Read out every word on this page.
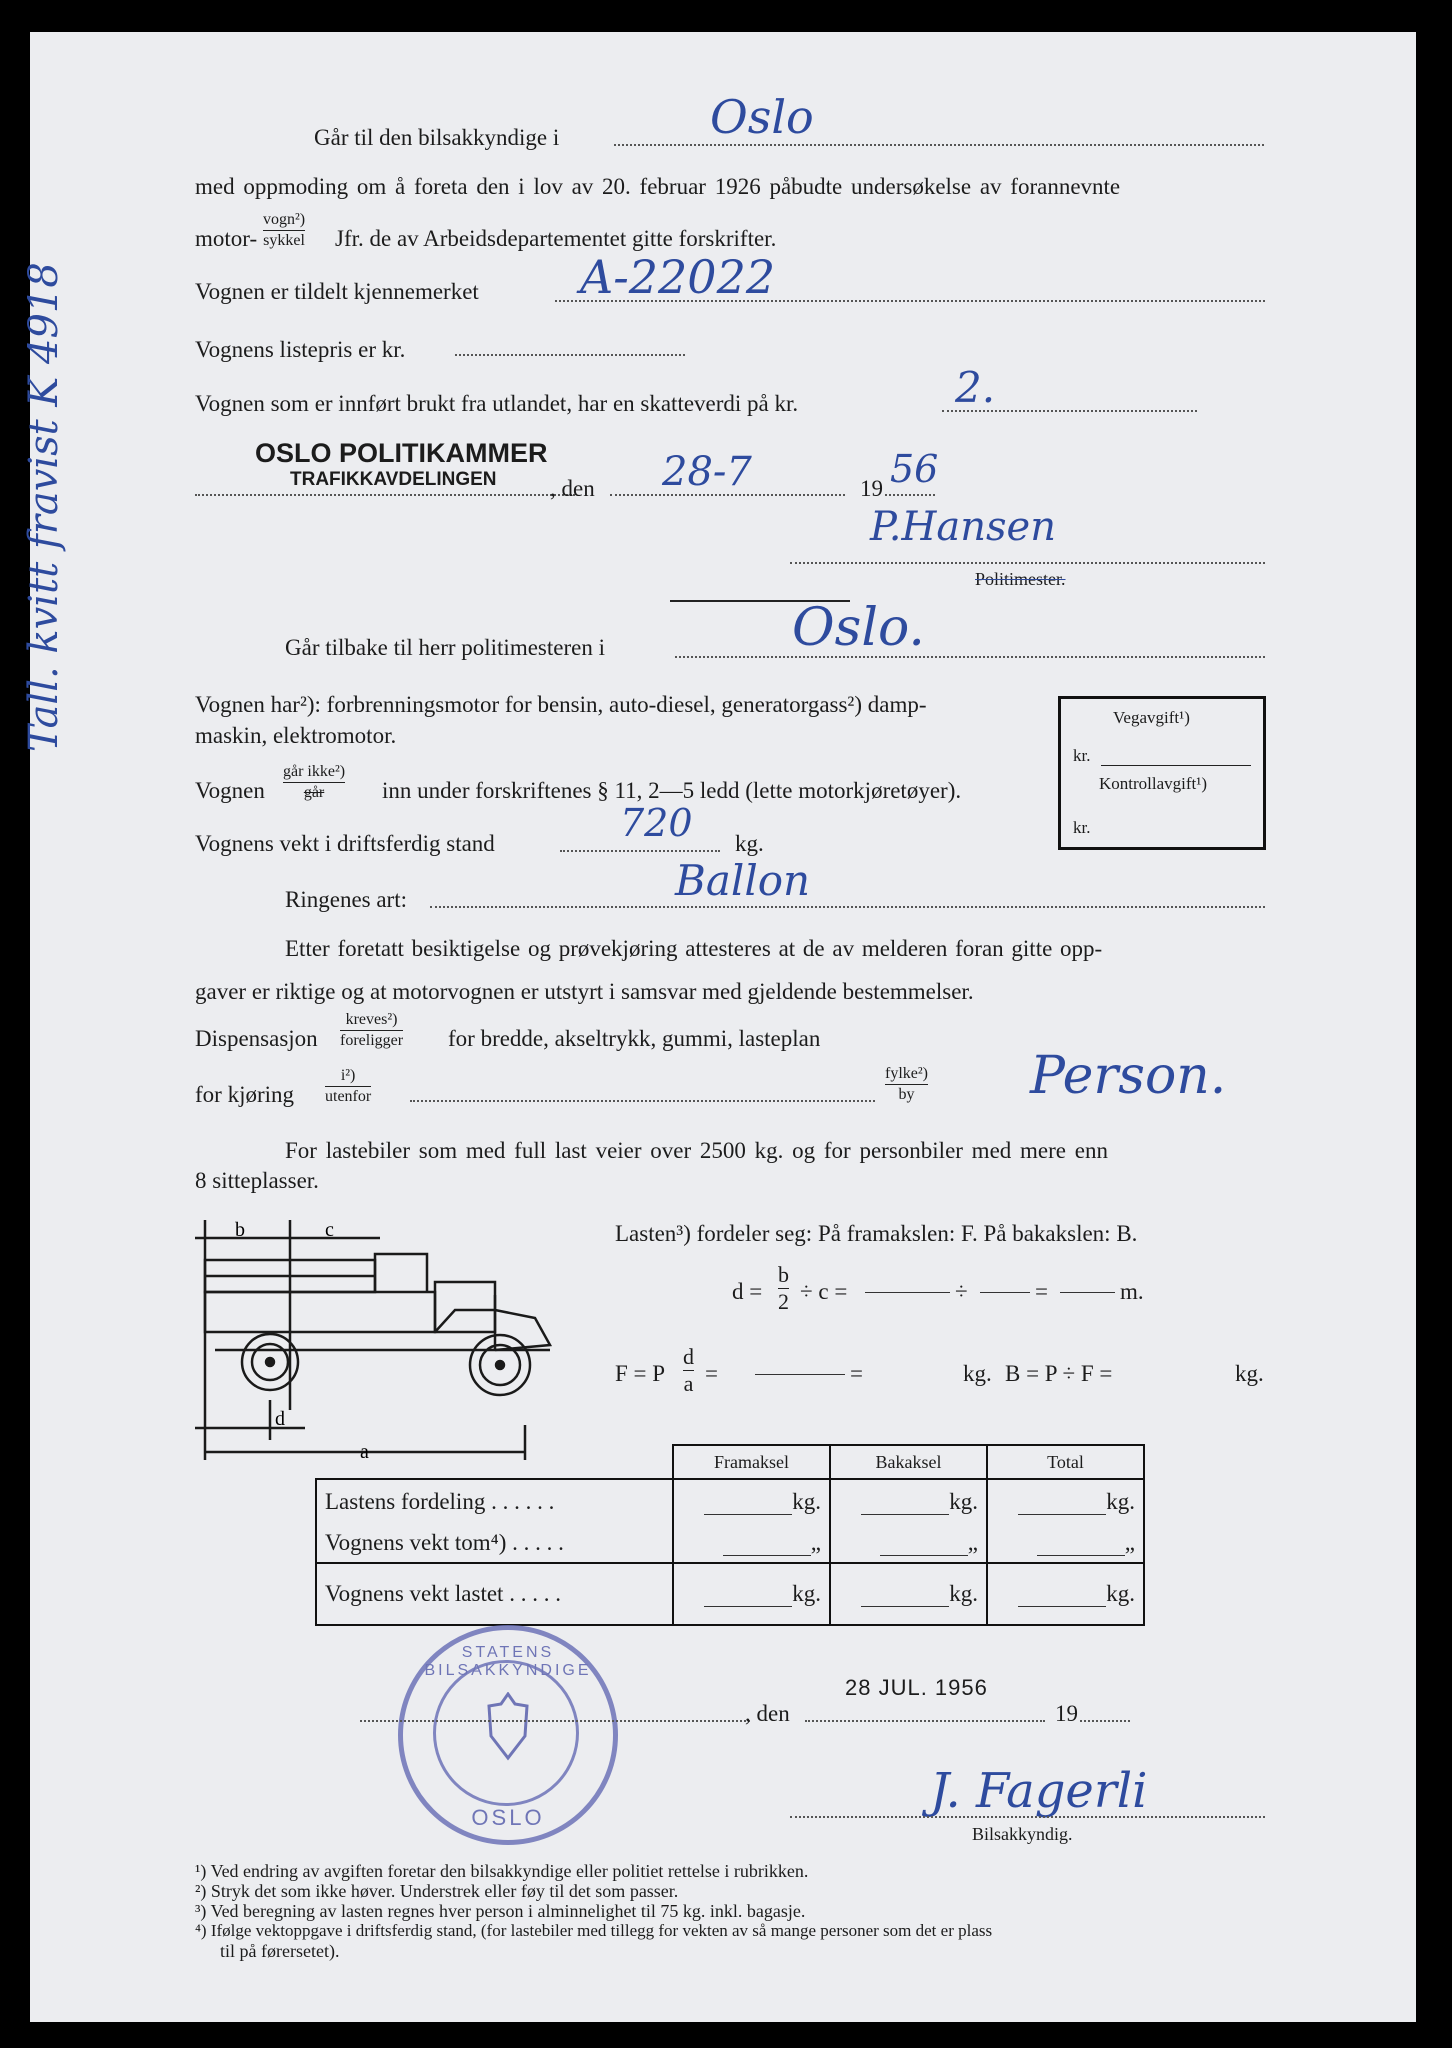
Tall. kvitt fravist K 4918
Går til den bilsakkyndige i	Oslo
med oppmoding om å foreta den i lov av 20. februar 1926 påbudte undersøkelse av forannevnte
motor-
vogn²)
sykkel Jfr. de av Arbeidsdepartementet gitte forskrifter.
Vognen er tildelt kjennemerket A-22022
Vognens listepris er kr.
Vognen som er innført brukt fra utlandet, har en skatteverdi på kr.	2.
OSLO POLITIKAMMER
TRAFIKKAVDELINGEN , den 28-7	19 56
P.Hansen
Politimester.
Går tilbake til herr politimesteren i	Oslo.
Vognen har²): forbrenningsmotor for bensin, auto-diesel, generatorgass²) damp-
maskin, elektromotor.
Vegavgift¹)
kr.
Kontrollavgift¹)
kr.
Vognen
går ikke²)
går	inn under forskriftenes § 11, 2—5 ledd (lette motorkjøretøyer).
Vognens vekt i driftsferdig stand	720 kg.
Ringenes art:	Ballon
Etter foretatt besiktigelse og prøvekjøring attesteres at de av melderen foran gitte opp-
gaver er riktige og at motorvognen er utstyrt i samsvar med gjeldende bestemmelser.
Dispensasjon
kreves²)
foreligger for bredde, akseltrykk, gummi, lasteplan
for kjøring
i²)
utenfor
fylke²)
by Person.
For lastebiler som med full last veier over 2500 kg. og for personbiler med mere enn
8 sitteplasser.
b	c
d
a
Lasten³) fordeler seg: På framakslen: F. På bakakslen: B.
$d = \frac{b}{2} \div c$ =	÷	=	m.
F = P $\frac{d}{a}$ =	=	kg. B = P ÷ F =	kg.
	Framaksel	Bakaksel	Total
Lastens fordeling . . . . . .	kg.	kg.	kg.
Vognens vekt tom⁴) . . . . .	„	„	„
Vognens vekt lastet . . . . .	kg.	kg.	kg.
STATENS BILSAKKYNDIGE
OSLO
28 JUL. 1956
, den	19
J. Fagerli
Bilsakkyndig.
¹) Ved endring av avgiften foretar den bilsakkyndige eller politiet rettelse i rubrikken.
²) Stryk det som ikke høver. Understrek eller føy til det som passer.
³) Ved beregning av lasten regnes hver person i alminnelighet til 75 kg. inkl. bagasje.
⁴) Ifølge vektoppgave i driftsferdig stand, (for lastebiler med tillegg for vekten av så mange personer som det er plass
til på førersetet).
